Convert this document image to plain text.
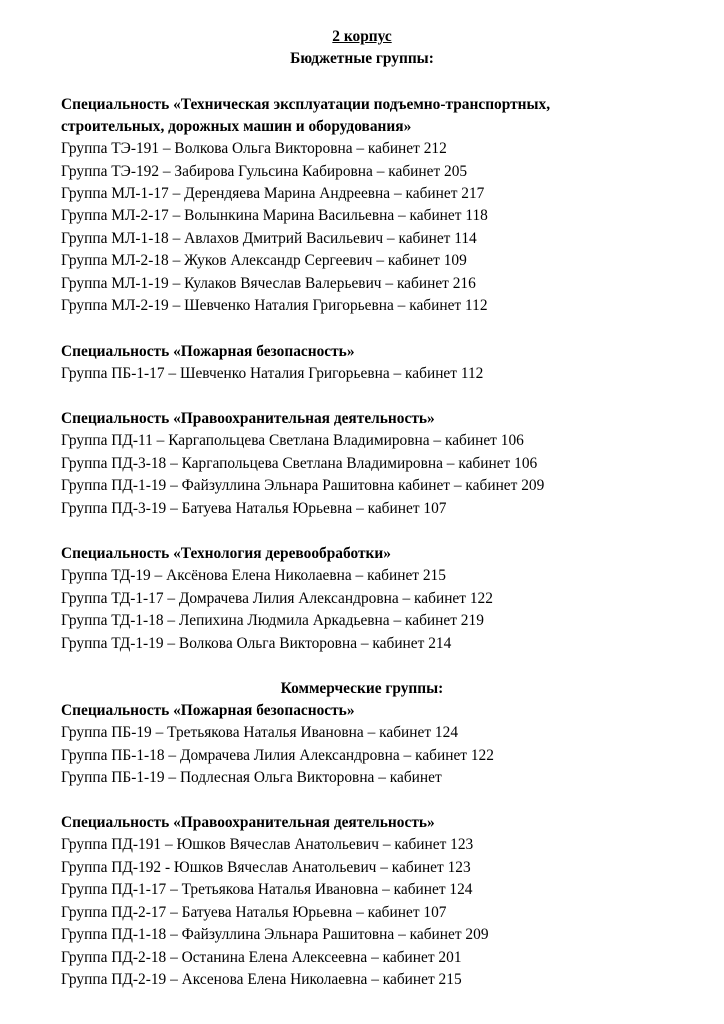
2 корпус

Бюджетные группы:

Специальность «Техническая эксплуатации подъемно-транспортных,

строительных, дорожных машин и оборудования»

Группа ТЭ-191 – Волкова Ольга Викторовна – кабинет 212

Группа ТЭ-192 – Забирова Гульсина Кабировна – кабинет 205

Группа МЛ-1-17 – Дерендяева Марина Андреевна – кабинет 217

Группа МЛ-2-17 – Волынкина Марина Васильевна – кабинет 118

Группа МЛ-1-18 – Авлахов Дмитрий Васильевич – кабинет 114

Группа МЛ-2-18 – Жуков Александр Сергеевич – кабинет 109

Группа МЛ-1-19 – Кулаков Вячеслав Валерьевич – кабинет 216

Группа МЛ-2-19 – Шевченко Наталия Григорьевна – кабинет 112

Специальность «Пожарная безопасность»

Группа ПБ-1-17 – Шевченко Наталия Григорьевна – кабинет 112

Специальность «Правоохранительная деятельность»

Группа ПД-11 – Каргапольцева Светлана Владимировна – кабинет 106

Группа ПД-3-18 – Каргапольцева Светлана Владимировна – кабинет 106

Группа ПД-1-19 – Файзуллина Эльнара Рашитовна кабинет – кабинет 209

Группа ПД-3-19 – Батуева Наталья Юрьевна – кабинет 107

Специальность «Технология деревообработки»

Группа ТД-19 – Аксёнова Елена Николаевна – кабинет 215

Группа ТД-1-17 – Домрачева Лилия Александровна – кабинет 122

Группа ТД-1-18 – Лепихина Людмила Аркадьевна – кабинет 219

Группа ТД-1-19 – Волкова Ольга Викторовна – кабинет 214

Коммерческие группы:

Специальность «Пожарная безопасность»

Группа ПБ-19 – Третьякова Наталья Ивановна – кабинет 124

Группа ПБ-1-18 – Домрачева Лилия Александровна – кабинет 122

Группа ПБ-1-19 – Подлесная Ольга Викторовна – кабинет

Специальность «Правоохранительная деятельность»

Группа ПД-191 – Юшков Вячеслав Анатольевич – кабинет 123

Группа ПД-192 - Юшков Вячеслав Анатольевич – кабинет 123

Группа ПД-1-17 – Третьякова Наталья Ивановна – кабинет 124

Группа ПД-2-17 – Батуева Наталья Юрьевна – кабинет 107

Группа ПД-1-18 – Файзуллина Эльнара Рашитовна – кабинет 209

Группа ПД-2-18 – Останина Елена Алексеевна – кабинет 201

Группа ПД-2-19 – Аксенова Елена Николаевна – кабинет 215
